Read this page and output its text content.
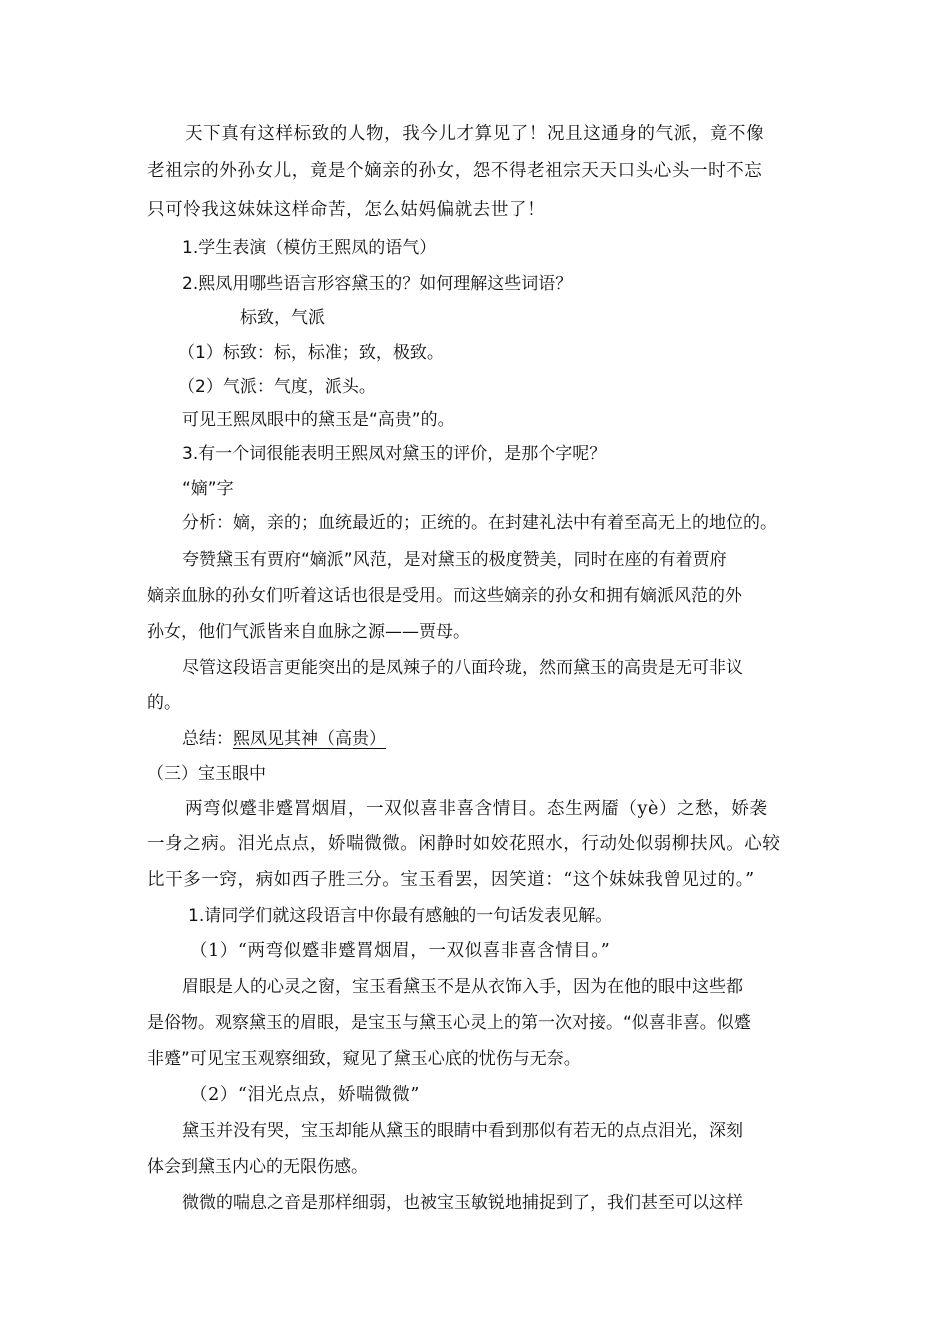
天下真有这样标致的人物，我今儿才算见了！况且这通身的气派，竟不像
老祖宗的外孙女儿，竟是个嫡亲的孙女，怨不得老祖宗天天口头心头一时不忘
只可怜我这妹妹这样命苦，怎么姑妈偏就去世了！
1.学生表演（模仿王熙凤的语气）
2.熙凤用哪些语言形容黛玉的？如何理解这些词语？
标致，气派
（1）标致：标，标准；致，极致。
（2）气派：气度，派头。
可见王熙凤眼中的黛玉是“高贵”的。
3.有一个词很能表明王熙凤对黛玉的评价，是那个字呢？
“嫡”字
分析：嫡，亲的；血统最近的；正统的。在封建礼法中有着至高无上的地位的。
夸赞黛玉有贾府“嫡派”风范，是对黛玉的极度赞美，同时在座的有着贾府
嫡亲血脉的孙女们听着这话也很是受用。而这些嫡亲的孙女和拥有嫡派风范的外
孙女，他们气派皆来自血脉之源——贾母。
尽管这段语言更能突出的是凤辣子的八面玲珑，然而黛玉的高贵是无可非议
的。
总结：熙凤见其神（高贵）
（三）宝玉眼中
两弯似蹙非蹙罥烟眉，一双似喜非喜含情目。态生两靥（yè）之愁，娇袭
一身之病。泪光点点，娇喘微微。闲静时如姣花照水，行动处似弱柳扶风。心较
比干多一窍，病如西子胜三分。宝玉看罢，因笑道：“这个妹妹我曾见过的。”
1.请同学们就这段语言中你最有感触的一句话发表见解。
（1）“两弯似蹙非蹙罥烟眉，一双似喜非喜含情目。”
眉眼是人的心灵之窗，宝玉看黛玉不是从衣饰入手，因为在他的眼中这些都
是俗物。观察黛玉的眉眼，是宝玉与黛玉心灵上的第一次对接。“似喜非喜。似蹙
非蹙”可见宝玉观察细致，窥见了黛玉心底的忧伤与无奈。
（2）“泪光点点，娇喘微微”
黛玉并没有哭，宝玉却能从黛玉的眼睛中看到那似有若无的点点泪光，深刻
体会到黛玉内心的无限伤感。
微微的喘息之音是那样细弱，也被宝玉敏锐地捕捉到了，我们甚至可以这样
